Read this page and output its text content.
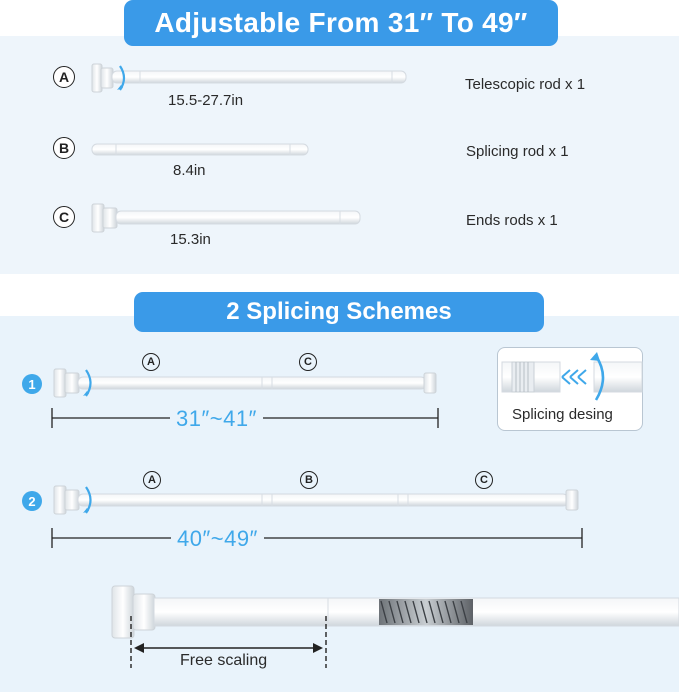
Adjustable From 31″ To 49″
A
15.5-27.7in
Telescopic rod x 1
B
8.4in
Splicing rod x 1
C
15.3in
Ends rods x 1
2 Splicing Schemes
1
A	C
31″~41″	Splicing desing
2
A	B	C
40″~49″
Free scaling
